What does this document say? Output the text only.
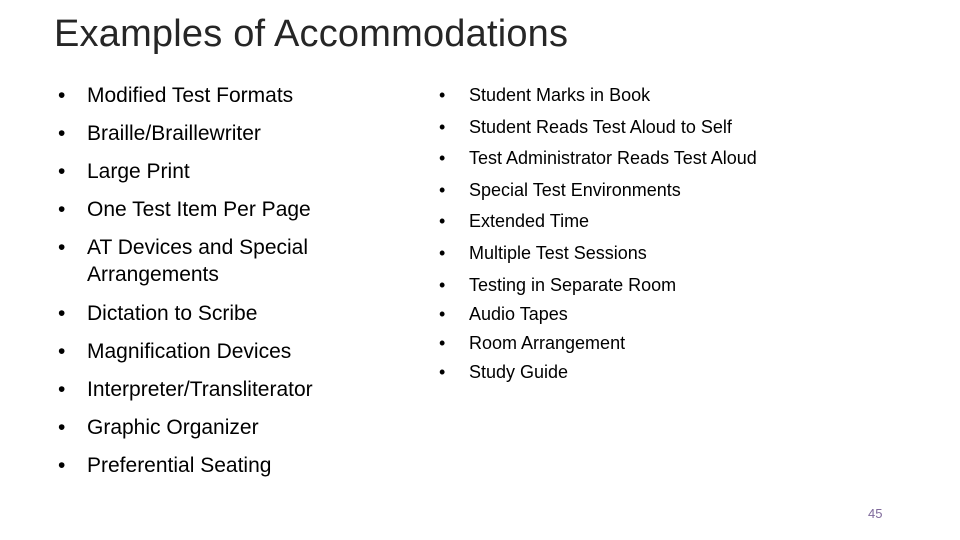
Examples of Accommodations
• Modified Test Formats
• Braille/Braillewriter
• Large Print
• One Test Item Per Page
• AT Devices and Special Arrangements
• Dictation to Scribe
• Magnification Devices
• Interpreter/Transliterator
• Graphic Organizer
• Preferential Seating
• Student Marks in Book
• Student Reads Test Aloud to Self
• Test Administrator Reads Test Aloud
• Special Test Environments
• Extended Time
• Multiple Test Sessions
• Testing in Separate Room
• Audio Tapes
• Room Arrangement
• Study Guide
45
